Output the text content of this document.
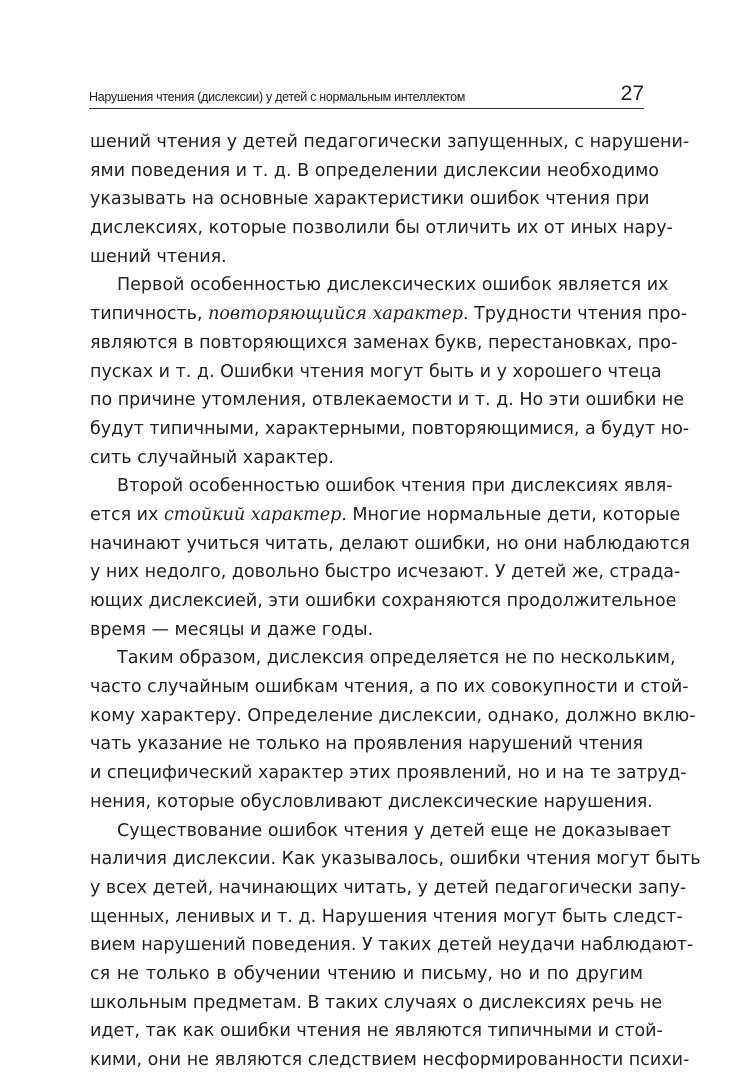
Нарушения чтения (дислексии) у детей с нормальным интеллектом	27
шений чтения у детей педагогически запущенных, с нарушени-
ями поведения и т. д. В определении дислексии необходимо
указывать на основные характеристики ошибок чтения при
дислексиях, которые позволили бы отличить их от иных нару-
шений чтения.
Первой особенностью дислексических ошибок является их
типичность, повторяющийся характер. Трудности чтения про-
являются в повторяющихся заменах букв, перестановках, про-
пусках и т. д. Ошибки чтения могут быть и у хорошего чтеца
по причине утомления, отвлекаемости и т. д. Но эти ошибки не
будут типичными, характерными, повторяющимися, а будут но-
сить случайный характер.
Второй особенностью ошибок чтения при дислексиях явля-
ется их стойкий характер. Многие нормальные дети, которые
начинают учиться читать, делают ошибки, но они наблюдаются
у них недолго, довольно быстро исчезают. У детей же, страда-
ющих дислексией, эти ошибки сохраняются продолжительное
время — месяцы и даже годы.
Таким образом, дислексия определяется не по нескольким,
часто случайным ошибкам чтения, а по их совокупности и стой-
кому характеру. Определение дислексии, однако, должно вклю-
чать указание не только на проявления нарушений чтения
и специфический характер этих проявлений, но и на те затруд-
нения, которые обусловливают дислексические нарушения.
Существование ошибок чтения у детей еще не доказывает
наличия дислексии. Как указывалось, ошибки чтения могут быть
у всех детей, начинающих читать, у детей педагогически запу-
щенных, ленивых и т. д. Нарушения чтения могут быть следст-
вием нарушений поведения. У таких детей неудачи наблюдают-
ся не только в обучении чтению и письму, но и по другим
школьным предметам. В таких случаях о дислексиях речь не
идет, так как ошибки чтения не являются типичными и стой-
кими, они не являются следствием несформированности психи-
